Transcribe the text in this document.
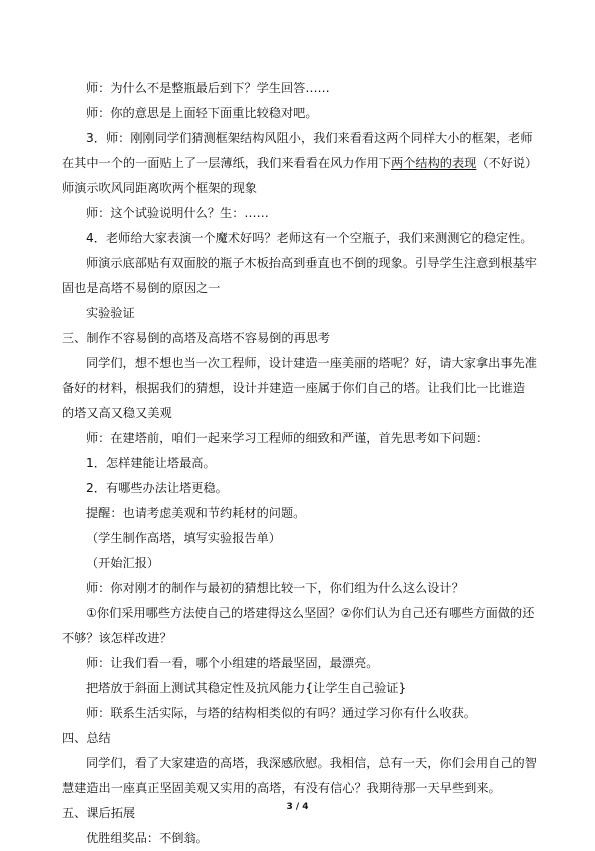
师：为什么不是整瓶最后到下？学生回答……

师：你的意思是上面轻下面重比较稳对吧。

3．师：刚刚同学们猜测框架结构风阻小，我们来看看这两个同样大小的框架，老师在其中一个的一面贴上了一层薄纸，我们来看看在风力作用下两个结构的表现（不好说）师演示吹风同距离吹两个框架的现象

师：这个试验说明什么？生：……

4．老师给大家表演一个魔术好吗？老师这有一个空瓶子，我们来测测它的稳定性。

师演示底部贴有双面胶的瓶子木板抬高到垂直也不倒的现象。引导学生注意到根基牢固也是高塔不易倒的原因之一

实验验证

三、制作不容易倒的高塔及高塔不容易倒的再思考

同学们，想不想也当一次工程师，设计建造一座美丽的塔呢？好，请大家拿出事先准备好的材料，根据我们的猜想，设计并建造一座属于你们自己的塔。让我们比一比谁造的塔又高又稳又美观

师：在建塔前，咱们一起来学习工程师的细致和严谨，首先思考如下问题：

1．怎样建能让塔最高。

2．有哪些办法让塔更稳。

提醒：也请考虑美观和节约耗材的问题。

（学生制作高塔，填写实验报告单）

（开始汇报）

师：你对刚才的制作与最初的猜想比较一下，你们组为什么这么设计？

①你们采用哪些方法使自己的塔建得这么坚固？②你们认为自己还有哪些方面做的还不够？该怎样改进？

师：让我们看一看，哪个小组建的塔最坚固，最漂亮。

把塔放于斜面上测试其稳定性及抗风能力{让学生自己验证}

师：联系生活实际，与塔的结构相类似的有吗？通过学习你有什么收获。

四、总结

同学们，看了大家建造的高塔，我深感欣慰。我相信，总有一天，你们会用自己的智慧建造出一座真正坚固美观又实用的高塔，有没有信心？我期待那一天早些到来。

五、课后拓展

优胜组奖品：不倒翁。

3 / 4
